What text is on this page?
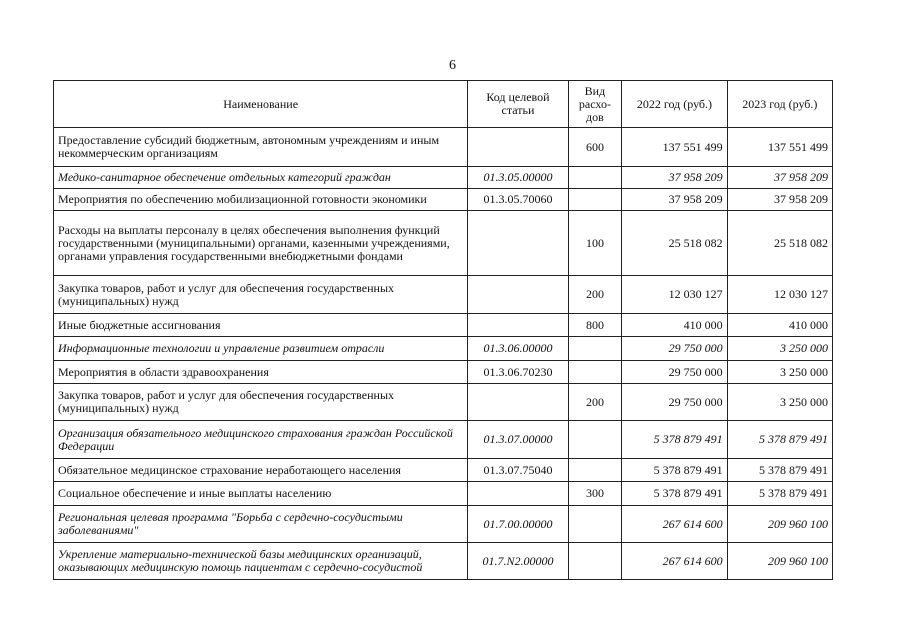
6
Наименование	Код целевой статьи	Вид расхо-дов	2022 год (руб.)	2023 год (руб.)
Предоставление субсидий бюджетным, автономным учреждениям и иным некоммерческим организациям		600	137 551 499	137 551 499
Медико-санитарное обеспечение отдельных категорий граждан	01.3.05.00000		37 958 209	37 958 209
Мероприятия по обеспечению мобилизационной готовности экономики	01.3.05.70060		37 958 209	37 958 209
Расходы на выплаты персоналу в целях обеспечения выполнения функций государственными (муниципальными) органами, казенными учреждениями, органами управления государственными внебюджетными фондами		100	25 518 082	25 518 082
Закупка товаров, работ и услуг для обеспечения государственных (муниципальных) нужд		200	12 030 127	12 030 127
Иные бюджетные ассигнования		800	410 000	410 000
Информационные технологии и управление развитием отрасли	01.3.06.00000		29 750 000	3 250 000
Мероприятия в области здравоохранения	01.3.06.70230		29 750 000	3 250 000
Закупка товаров, работ и услуг для обеспечения государственных (муниципальных) нужд		200	29 750 000	3 250 000
Организация обязательного медицинского страхования граждан Российской Федерации	01.3.07.00000		5 378 879 491	5 378 879 491
Обязательное медицинское страхование неработающего населения	01.3.07.75040		5 378 879 491	5 378 879 491
Социальное обеспечение и иные выплаты населению		300	5 378 879 491	5 378 879 491
Региональная целевая программа "Борьба с сердечно-сосудистыми заболеваниями"	01.7.00.00000		267 614 600	209 960 100
Укрепление материально-технической базы медицинских организаций, оказывающих медицинскую помощь пациентам с сердечно-сосудистой	01.7.N2.00000		267 614 600	209 960 100
